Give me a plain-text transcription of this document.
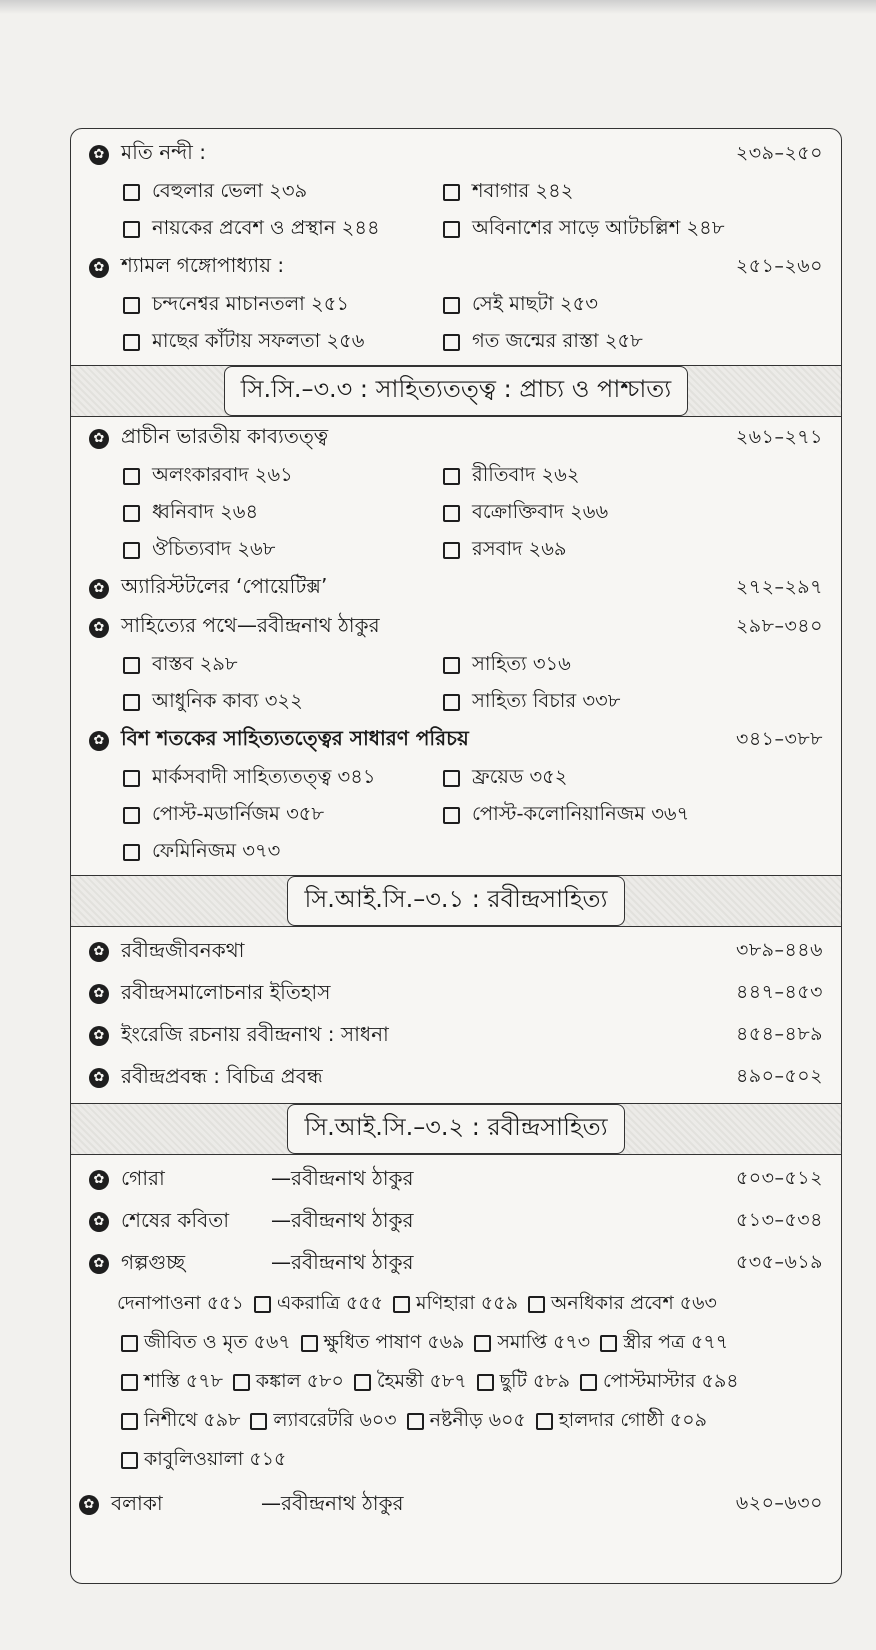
✿ মতি নন্দী :	২৩৯–২৫০
বেহুলার ভেলা ২৩৯	শবাগার ২৪২
নায়কের প্রবেশ ও প্রস্থান ২৪৪	অবিনাশের সাড়ে আটচল্লিশ ২৪৮
✿ শ্যামল গঙ্গোপাধ্যায় :	২৫১–২৬০
চন্দনেশ্বর মাচানতলা ২৫১	সেই মাছটা ২৫৩
মাছের কাঁটায় সফলতা ২৫৬	গত জন্মের রাস্তা ২৫৮
সি.সি.–৩.৩ : সাহিত্যতত্ত্ব : প্রাচ্য ও পাশ্চাত্য
✿ প্রাচীন ভারতীয় কাব্যতত্ত্ব	২৬১–২৭১
অলংকারবাদ ২৬১	রীতিবাদ ২৬২
ধ্বনিবাদ ২৬৪	বক্রোক্তিবাদ ২৬৬
ঔচিত্যবাদ ২৬৮	রসবাদ ২৬৯
✿ অ্যারিস্টটলের ‘পোয়েটিক্স’	২৭২–২৯৭
✿ সাহিত্যের পথে—রবীন্দ্রনাথ ঠাকুর	২৯৮–৩৪০
বাস্তব ২৯৮	সাহিত্য ৩১৬
আধুনিক কাব্য ৩২২	সাহিত্য বিচার ৩৩৮
✿ বিশ শতকের সাহিত্যতত্ত্বের সাধারণ পরিচয়	৩৪১–৩৮৮
মার্কসবাদী সাহিত্যতত্ত্ব ৩৪১	ফ্রয়েড ৩৫২
পোস্ট-মডার্নিজম ৩৫৮	পোস্ট-কলোনিয়ানিজম ৩৬৭
ফেমিনিজম ৩৭৩
সি.আই.সি.–৩.১ : রবীন্দ্রসাহিত্য
✿ রবীন্দ্রজীবনকথা	৩৮৯–৪৪৬
✿ রবীন্দ্রসমালোচনার ইতিহাস	৪৪৭–৪৫৩
✿ ইংরেজি রচনায় রবীন্দ্রনাথ : সাধনা	৪৫৪–৪৮৯
✿ রবীন্দ্রপ্রবন্ধ : বিচিত্র প্রবন্ধ	৪৯০–৫০২
সি.আই.সি.–৩.২ : রবীন্দ্রসাহিত্য
✿ গোরা	—রবীন্দ্রনাথ ঠাকুর	৫০৩–৫১২
✿ শেষের কবিতা	—রবীন্দ্রনাথ ঠাকুর	৫১৩–৫৩৪
✿ গল্পগুচ্ছ	—রবীন্দ্রনাথ ঠাকুর	৫৩৫–৬১৯
দেনাপাওনা ৫৫১ একরাত্রি ৫৫৫ মণিহারা ৫৫৯ অনধিকার প্রবেশ ৫৬৩
জীবিত ও মৃত ৫৬৭ ক্ষুধিত পাষাণ ৫৬৯ সমাপ্তি ৫৭৩ স্ত্রীর পত্র ৫৭৭
শাস্তি ৫৭৮ কঙ্কাল ৫৮০ হৈমন্তী ৫৮৭ ছুটি ৫৮৯ পোস্টমাস্টার ৫৯৪
নিশীথে ৫৯৮ ল্যাবরেটরি ৬০৩ নষ্টনীড় ৬০৫ হালদার গোষ্ঠী ৫০৯
কাবুলিওয়ালা ৫১৫
✿ বলাকা	—রবীন্দ্রনাথ ঠাকুর	৬২০–৬৩০
